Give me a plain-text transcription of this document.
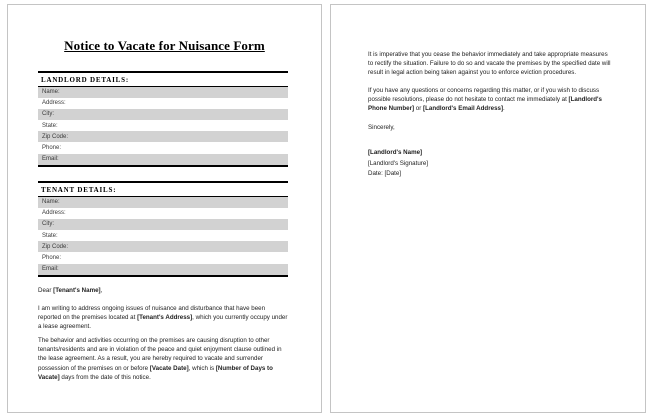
Notice to Vacate for Nuisance Form
LANDLORD DETAILS:
Name:
Address:
City:
State:
Zip Code:
Phone:
Email:
TENANT DETAILS:
Name:
Address:
City:
State:
Zip Code:
Phone:
Email:
Dear [Tenant's Name],
I am writing to address ongoing issues of nuisance and disturbance that have been reported on the premises located at [Tenant's Address], which you currently occupy under a lease agreement.
The behavior and activities occurring on the premises are causing disruption to other tenants/residents and are in violation of the peace and quiet enjoyment clause outlined in the lease agreement. As a result, you are hereby required to vacate and surrender possession of the premises on or before [Vacate Date], which is [Number of Days to Vacate] days from the date of this notice.
It is imperative that you cease the behavior immediately and take appropriate measures to rectify the situation. Failure to do so and vacate the premises by the specified date will result in legal action being taken against you to enforce eviction procedures.
If you have any questions or concerns regarding this matter, or if you wish to discuss possible resolutions, please do not hesitate to contact me immediately at [Landlord's Phone Number] or [Landlord's Email Address].
Sincerely,
[Landlord's Name]
[Landlord's Signature]
Date: [Date]
